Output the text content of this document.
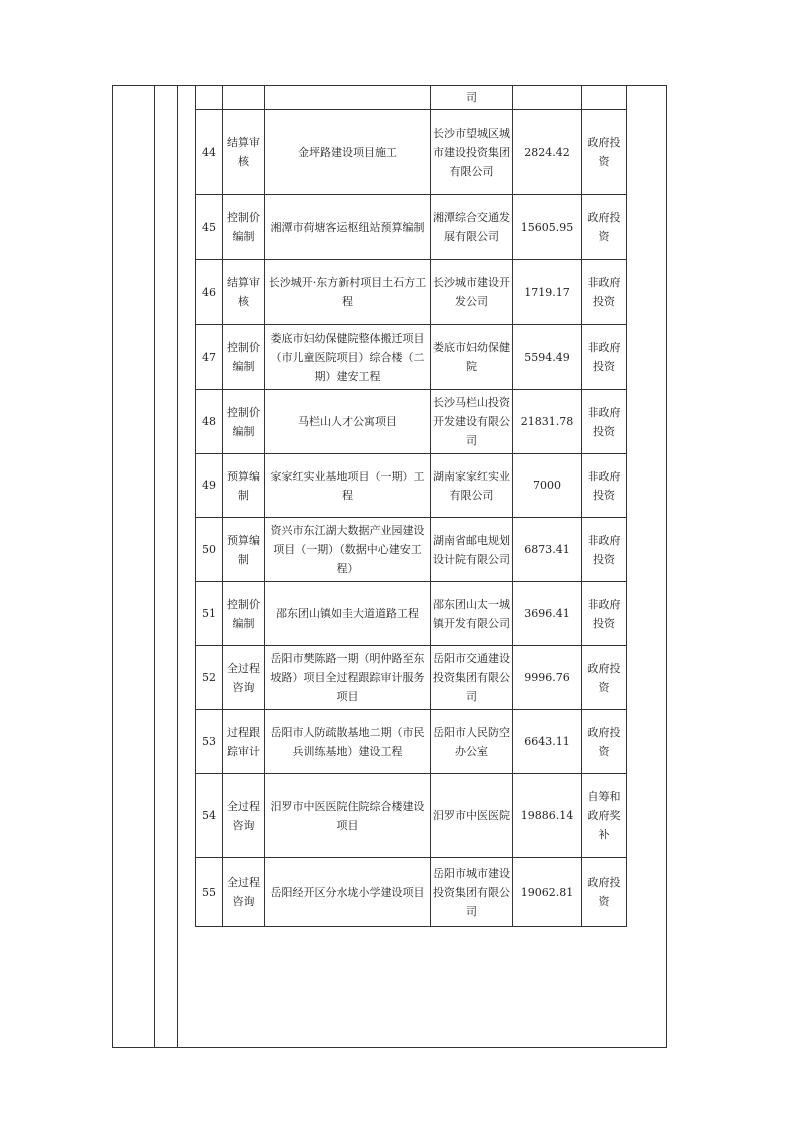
			司		
44	结算审核	金坪路建设项目施工	长沙市望城区城市建设投资集团有限公司	2824.42	政府投资
45	控制价编制	湘潭市荷塘客运枢纽站预算编制	湘潭综合交通发展有限公司	15605.95	政府投资
46	结算审核	长沙城开·东方新村项目土石方工程	长沙城市建设开发公司	1719.17	非政府投资
47	控制价编制	娄底市妇幼保健院整体搬迁项目（市儿童医院项目）综合楼（二期）建安工程	娄底市妇幼保健院	5594.49	非政府投资
48	控制价编制	马栏山人才公寓项目	长沙马栏山投资开发建设有限公司	21831.78	非政府投资
49	预算编制	家家红实业基地项目（一期）工程	湖南家家红实业有限公司	7000	非政府投资
50	预算编制	资兴市东江湖大数据产业园建设项目（一期）（数据中心建安工程）	湖南省邮电规划设计院有限公司	6873.41	非政府投资
51	控制价编制	邵东团山镇如圭大道道路工程	邵东团山太一城镇开发有限公司	3696.41	非政府投资
52	全过程咨询	岳阳市樊陈路一期（明仲路至东坡路）项目全过程跟踪审计服务项目	岳阳市交通建设投资集团有限公司	9996.76	政府投资
53	过程跟踪审计	岳阳市人防疏散基地二期（市民兵训练基地）建设工程	岳阳市人民防空办公室	6643.11	政府投资
54	全过程咨询	汨罗市中医医院住院综合楼建设项目	汨罗市中医医院	19886.14	自筹和政府奖补
55	全过程咨询	岳阳经开区分水垅小学建设项目	岳阳市城市建设投资集团有限公司	19062.81	政府投资
